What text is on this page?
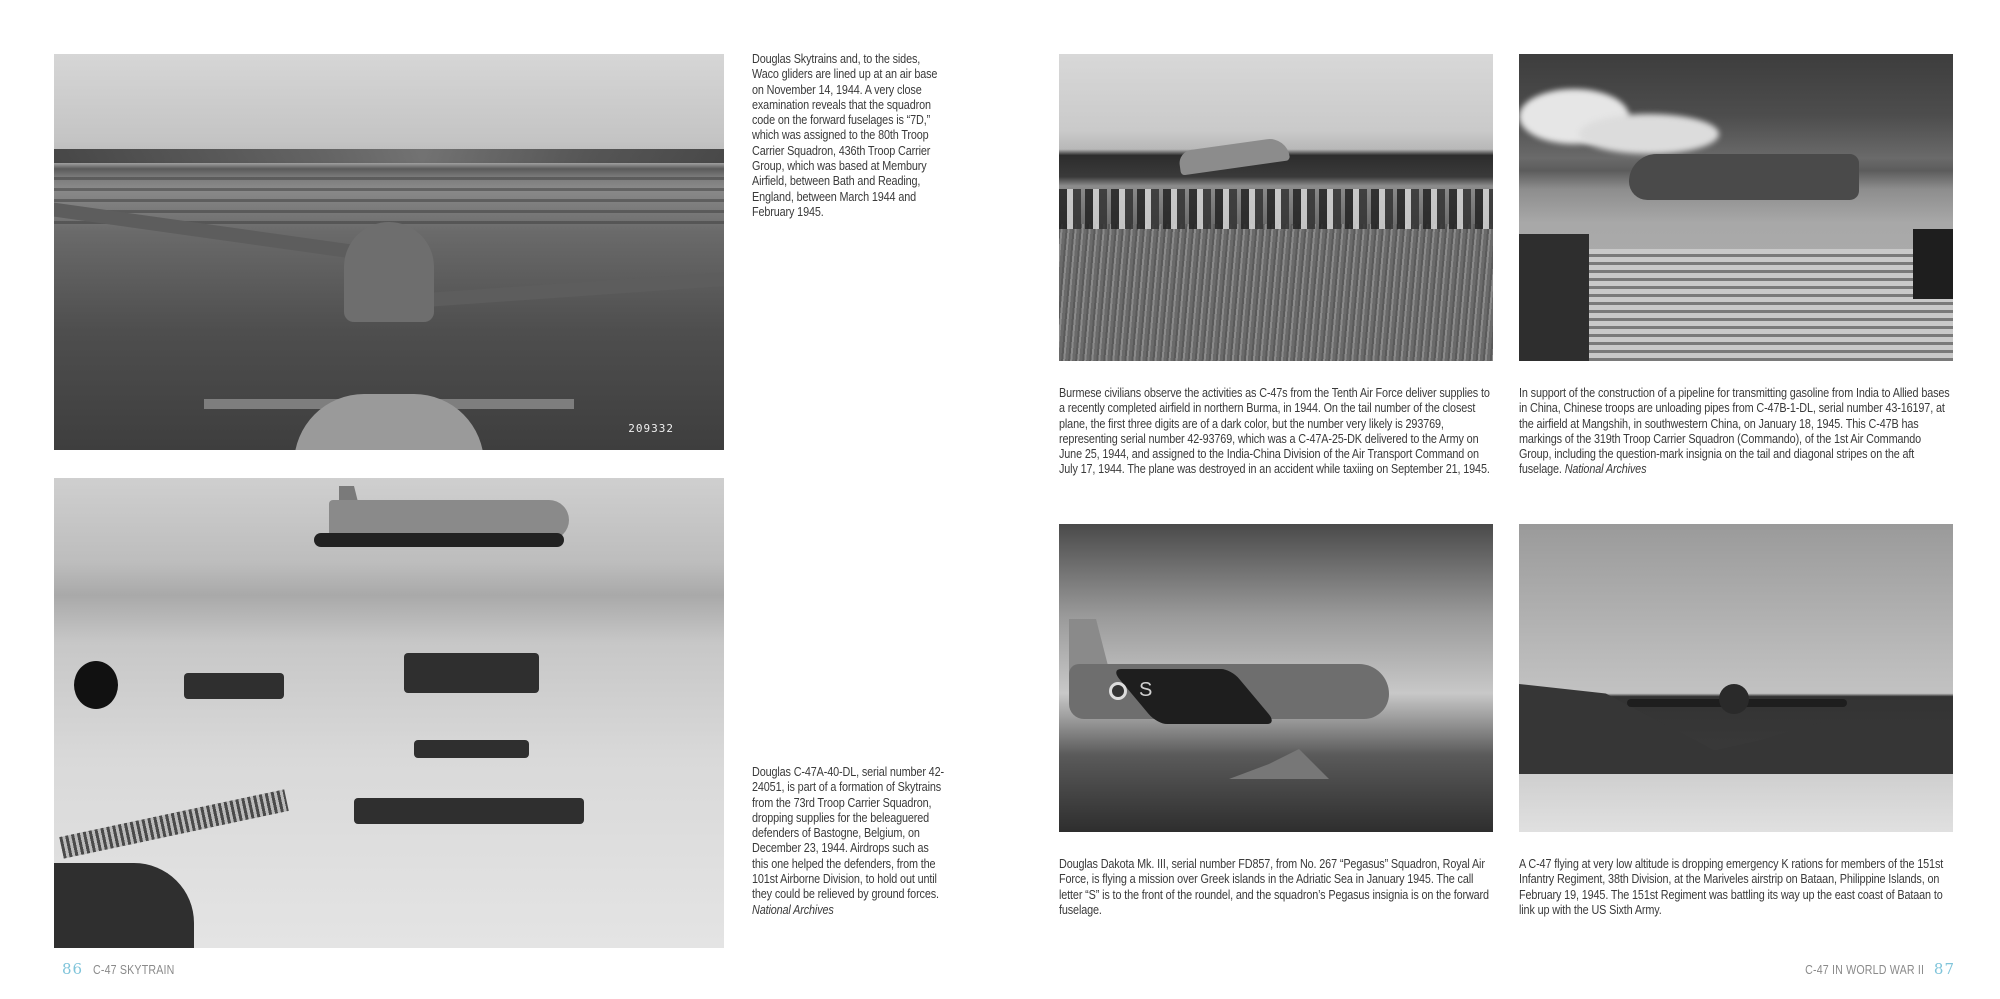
209332
Douglas Skytrains and, to the sides, Waco gliders are lined up at an air base on November 14, 1944. A very close examination reveals that the squadron code on the forward fuselages is “7D,” which was assigned to the 80th Troop Carrier Squadron, 436th Troop Carrier Group, which was based at Membury Airfield, between Bath and Reading, England, between March 1944 and February 1945.
Douglas C-47A-40-DL, serial number 42-24051, is part of a formation of Skytrains from the 73rd Troop Carrier Squadron, dropping supplies for the beleaguered defenders of Bastogne, Belgium, on December 23, 1944. Airdrops such as this one helped the defenders, from the 101st Airborne Division, to hold out until they could be relieved by ground forces. National Archives
86 C-47 SKYTRAIN
Burmese civilians observe the activities as C-47s from the Tenth Air Force deliver supplies to a recently completed airfield in northern Burma, in 1944. On the tail number of the closest plane, the first three digits are of a dark color, but the number very likely is 293769, representing serial number 42-93769, which was a C-47A-25-DK delivered to the Army on June 25, 1944, and assigned to the India-China Division of the Air Transport Command on July 17, 1944. The plane was destroyed in an accident while taxiing on September 21, 1945.
In support of the construction of a pipeline for transmitting gasoline from India to Allied bases in China, Chinese troops are unloading pipes from C-47B-1-DL, serial number 43-16197, at the airfield at Mangshih, in southwestern China, on January 18, 1945. This C-47B has markings of the 319th Troop Carrier Squadron (Commando), of the 1st Air Commando Group, including the question-mark insignia on the tail and diagonal stripes on the aft fuselage. National Archives
S
Douglas Dakota Mk. III, serial number FD857, from No. 267 “Pegasus” Squadron, Royal Air Force, is flying a mission over Greek islands in the Adriatic Sea in January 1945. The call letter “S” is to the front of the roundel, and the squadron’s Pegasus insignia is on the forward fuselage.
A C-47 flying at very low altitude is dropping emergency K rations for members of the 151st Infantry Regiment, 38th Division, at the Mariveles airstrip on Bataan, Philippine Islands, on February 19, 1945. The 151st Regiment was battling its way up the east coast of Bataan to link up with the US Sixth Army.
C-47 IN WORLD WAR II 87
